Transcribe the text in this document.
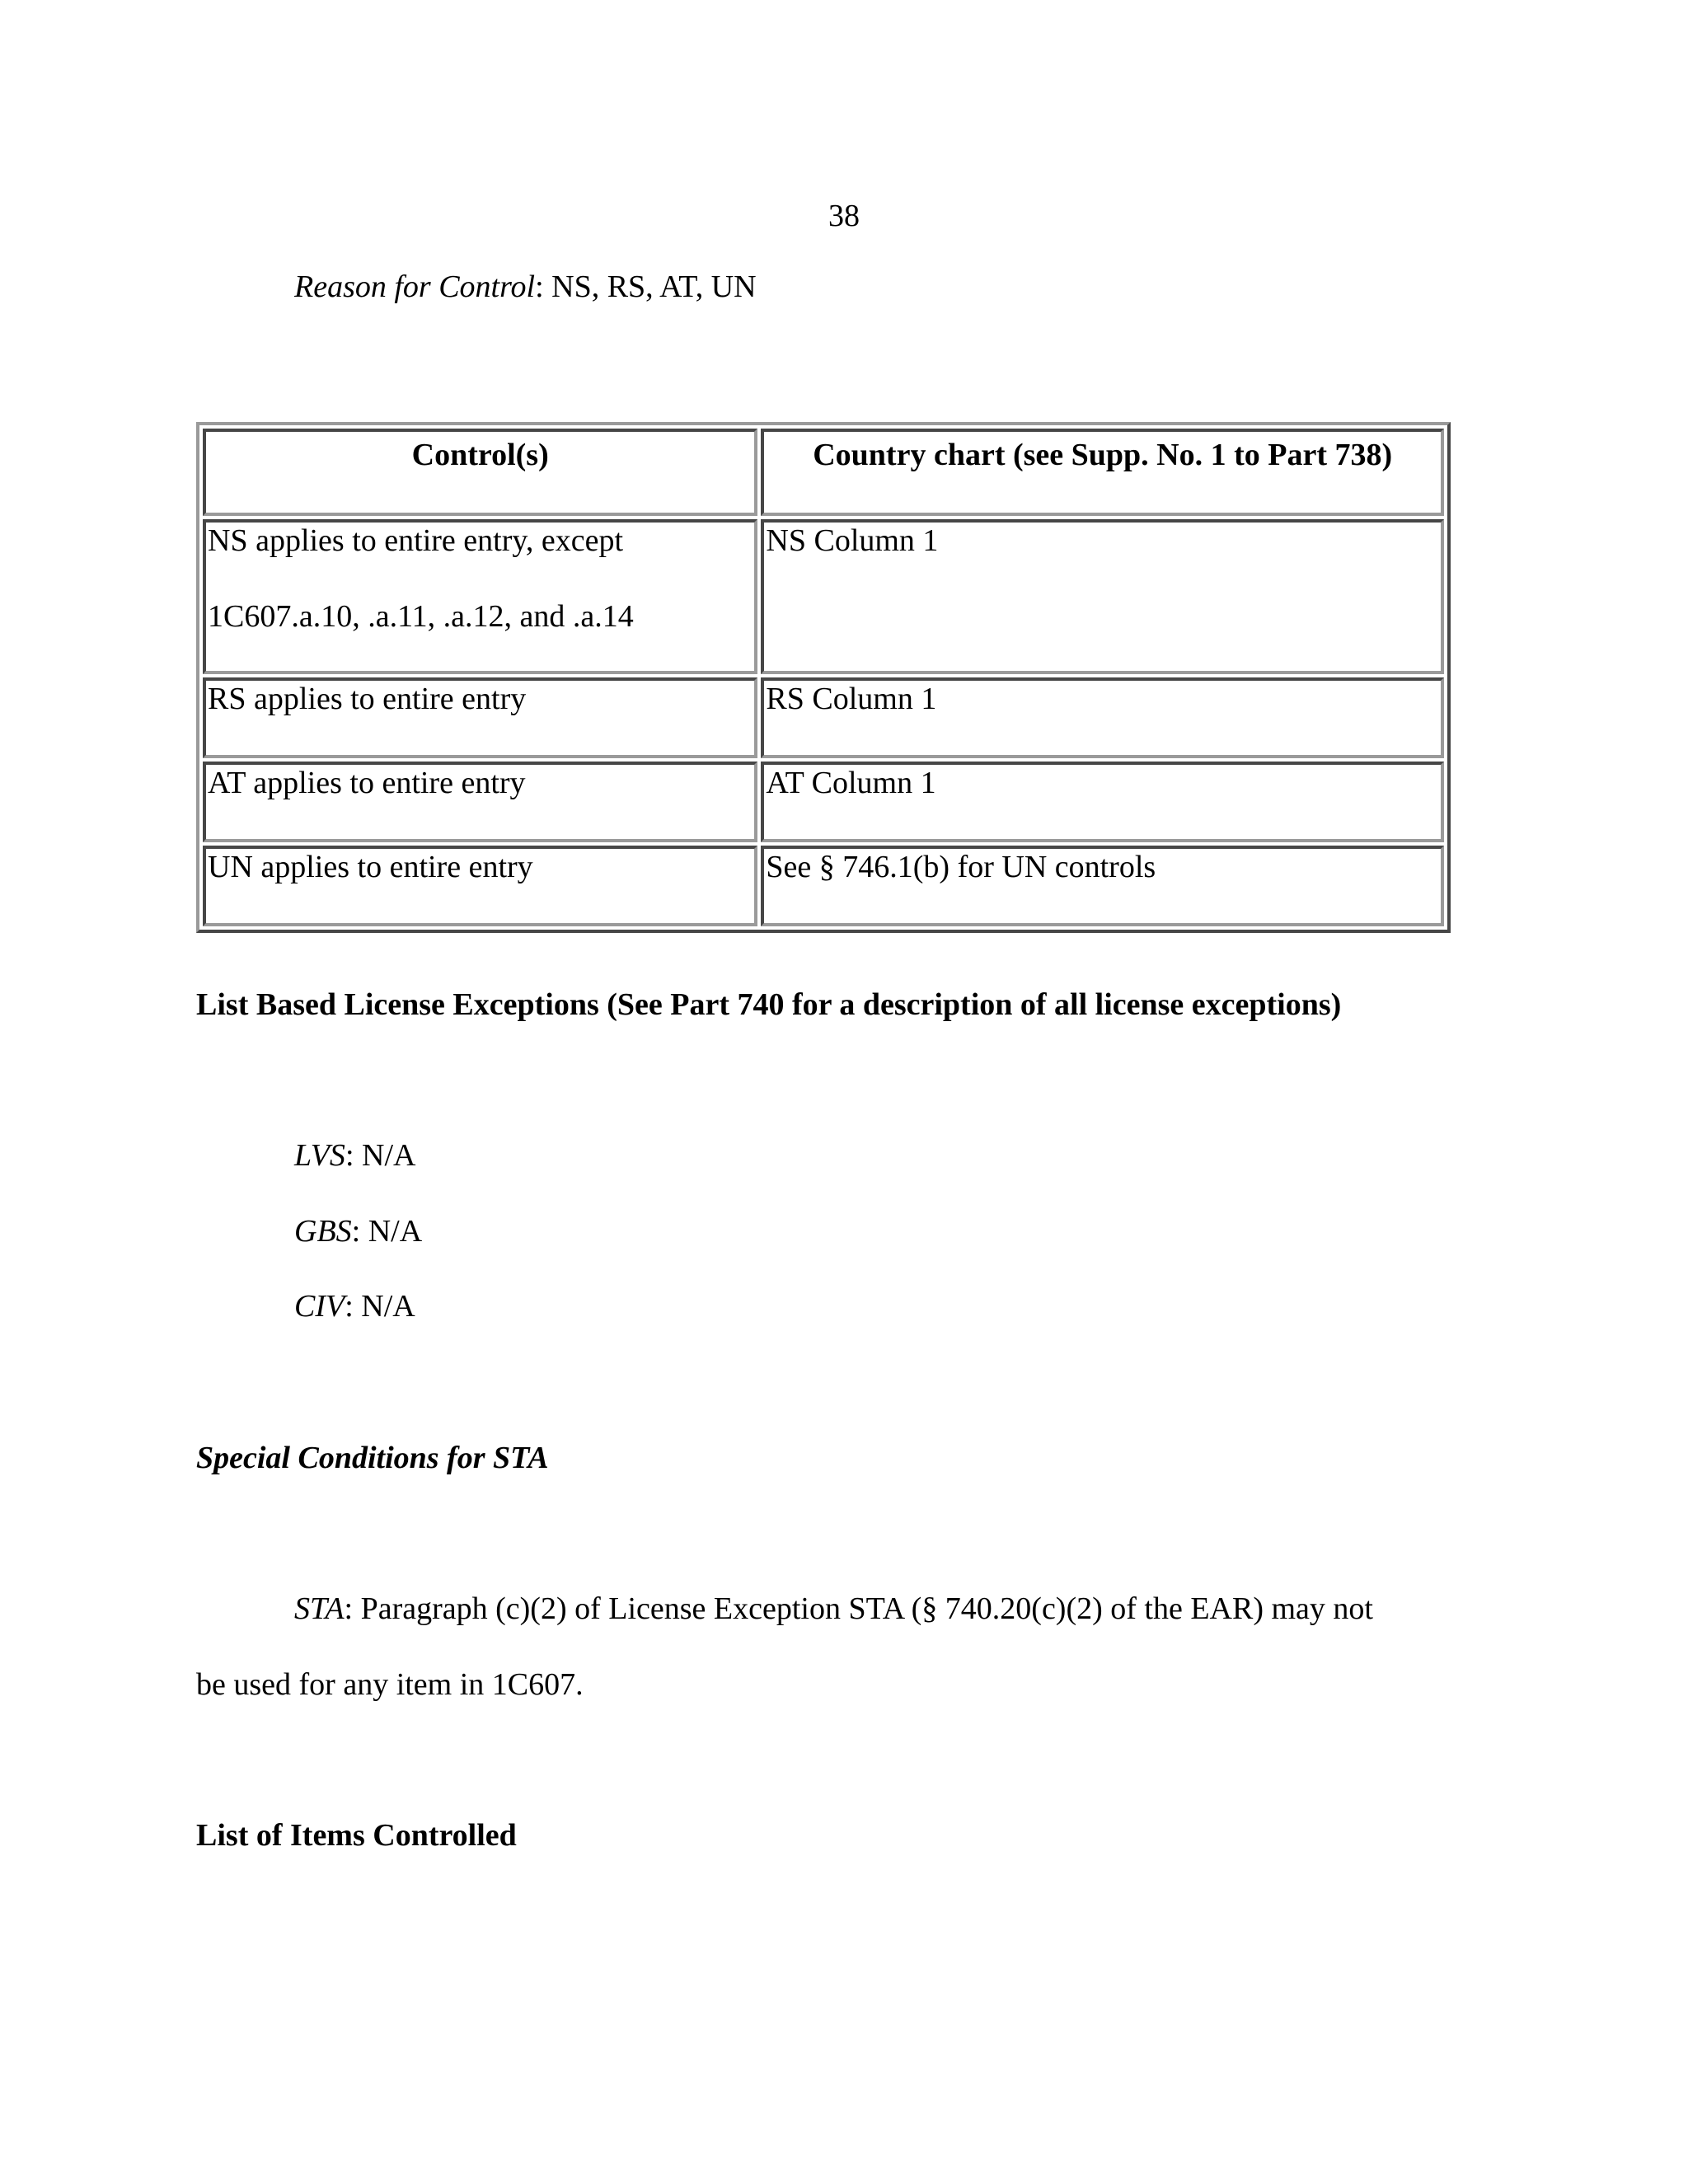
38
Reason for Control: NS, RS, AT, UN
Control(s)	Country chart (see Supp. No. 1 to Part 738)

NS applies to entire entry, except
1C607.a.10, .a.11, .a.12, and .a.14	NS Column 1

RS applies to entire entry	RS Column 1

AT applies to entire entry	AT Column 1

UN applies to entire entry	See § 746.1(b) for UN controls
List Based License Exceptions (See Part 740 for a description of all license exceptions)
LVS: N/A
GBS: N/A
CIV: N/A
Special Conditions for STA
STA: Paragraph (c)(2) of License Exception STA (§ 740.20(c)(2) of the EAR) may not
be used for any item in 1C607.
List of Items Controlled
